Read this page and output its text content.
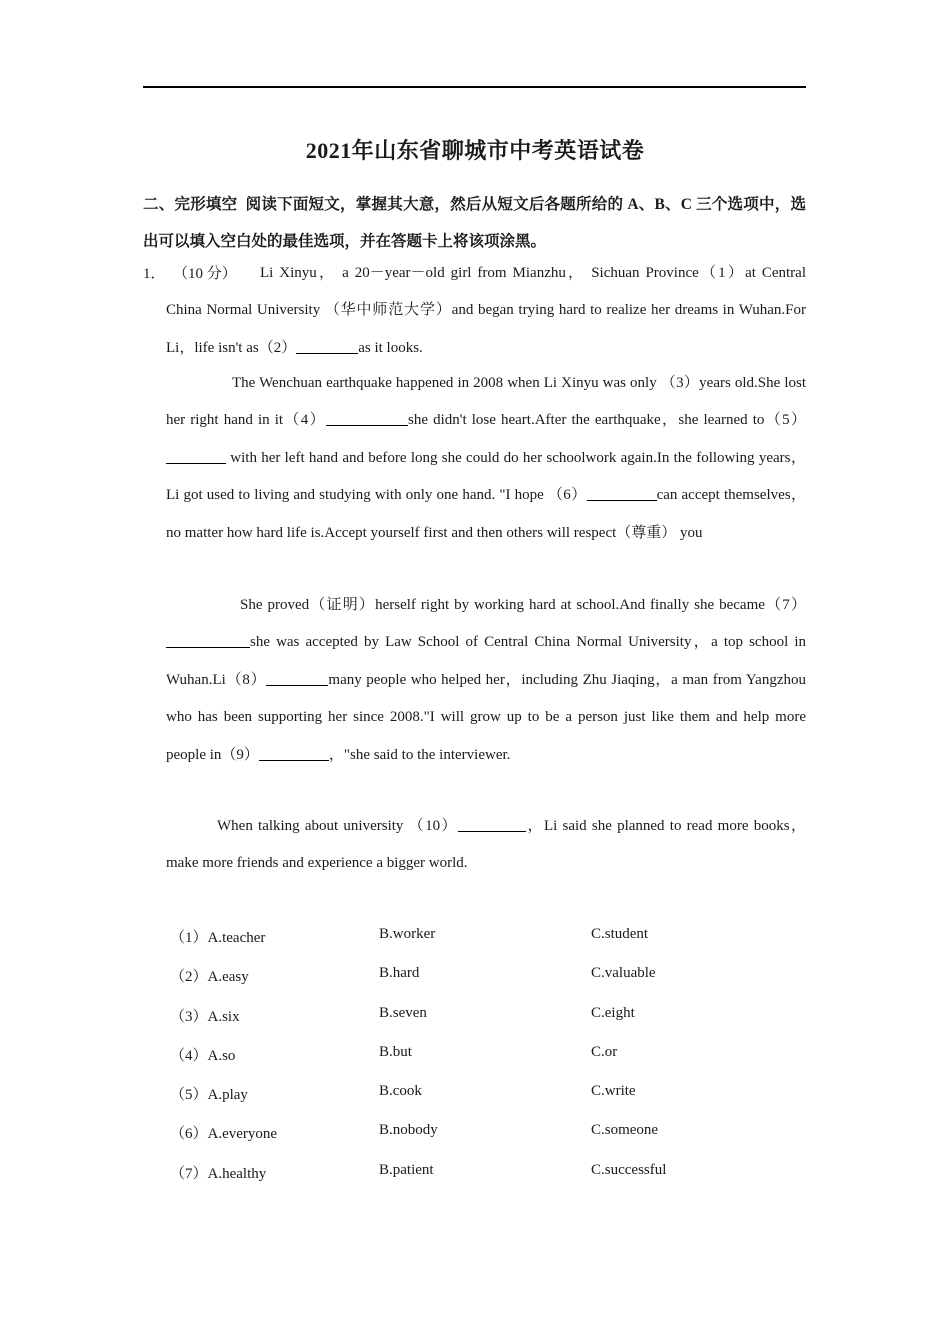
2021年山东省聊城市中考英语试卷
二、完形填空 阅读下面短文，掌握其大意，然后从短文后各题所给的 A、B、C 三个选项中，选出可以填入空白处的最佳选项，并在答题卡上将该项涂黑。
1． （10 分）	Li Xinyu， a 20－year－old girl from Mianzhu， Sichuan Province（1）at Central China Normal University （华中师范大学）and began trying hard to realize her dreams in Wuhan.For Li，life isn't as（2）	as it looks.

The Wenchuan earthquake happened in 2008 when Li Xinyu was only （3）years old.She lost her right hand in it（4）	she didn't lose heart.After the earthquake，she learned to（5） with her left hand and before long she could do her schoolwork again.In the following years，Li got used to living and studying with only one hand. "I hope （6）	can accept themselves， no matter how hard life is.Accept yourself first and then others will respect（尊重） you

She proved（证明）herself right by working hard at school.And finally she became（7）she was accepted by Law School of Central China Normal University，a top school in Wuhan.Li（8）	many people who helped her，including Zhu Jiaqing，a man from Yangzhou who has been supporting her since 2008."I will grow up to be a person just like them and help more people in（9）	，"she said to the interviewer.

When talking about university （10）	，Li said she planned to read more books，make more friends and experience a bigger world.

（1）A.teacher	B.worker	C.student
（2）A.easy	B.hard	C.valuable
（3）A.six	B.seven	C.eight
（4）A.so	B.but	C.or
（5）A.play	B.cook	C.write
（6）A.everyone	B.nobody	C.someone
（7）A.healthy	B.patient	C.successful
